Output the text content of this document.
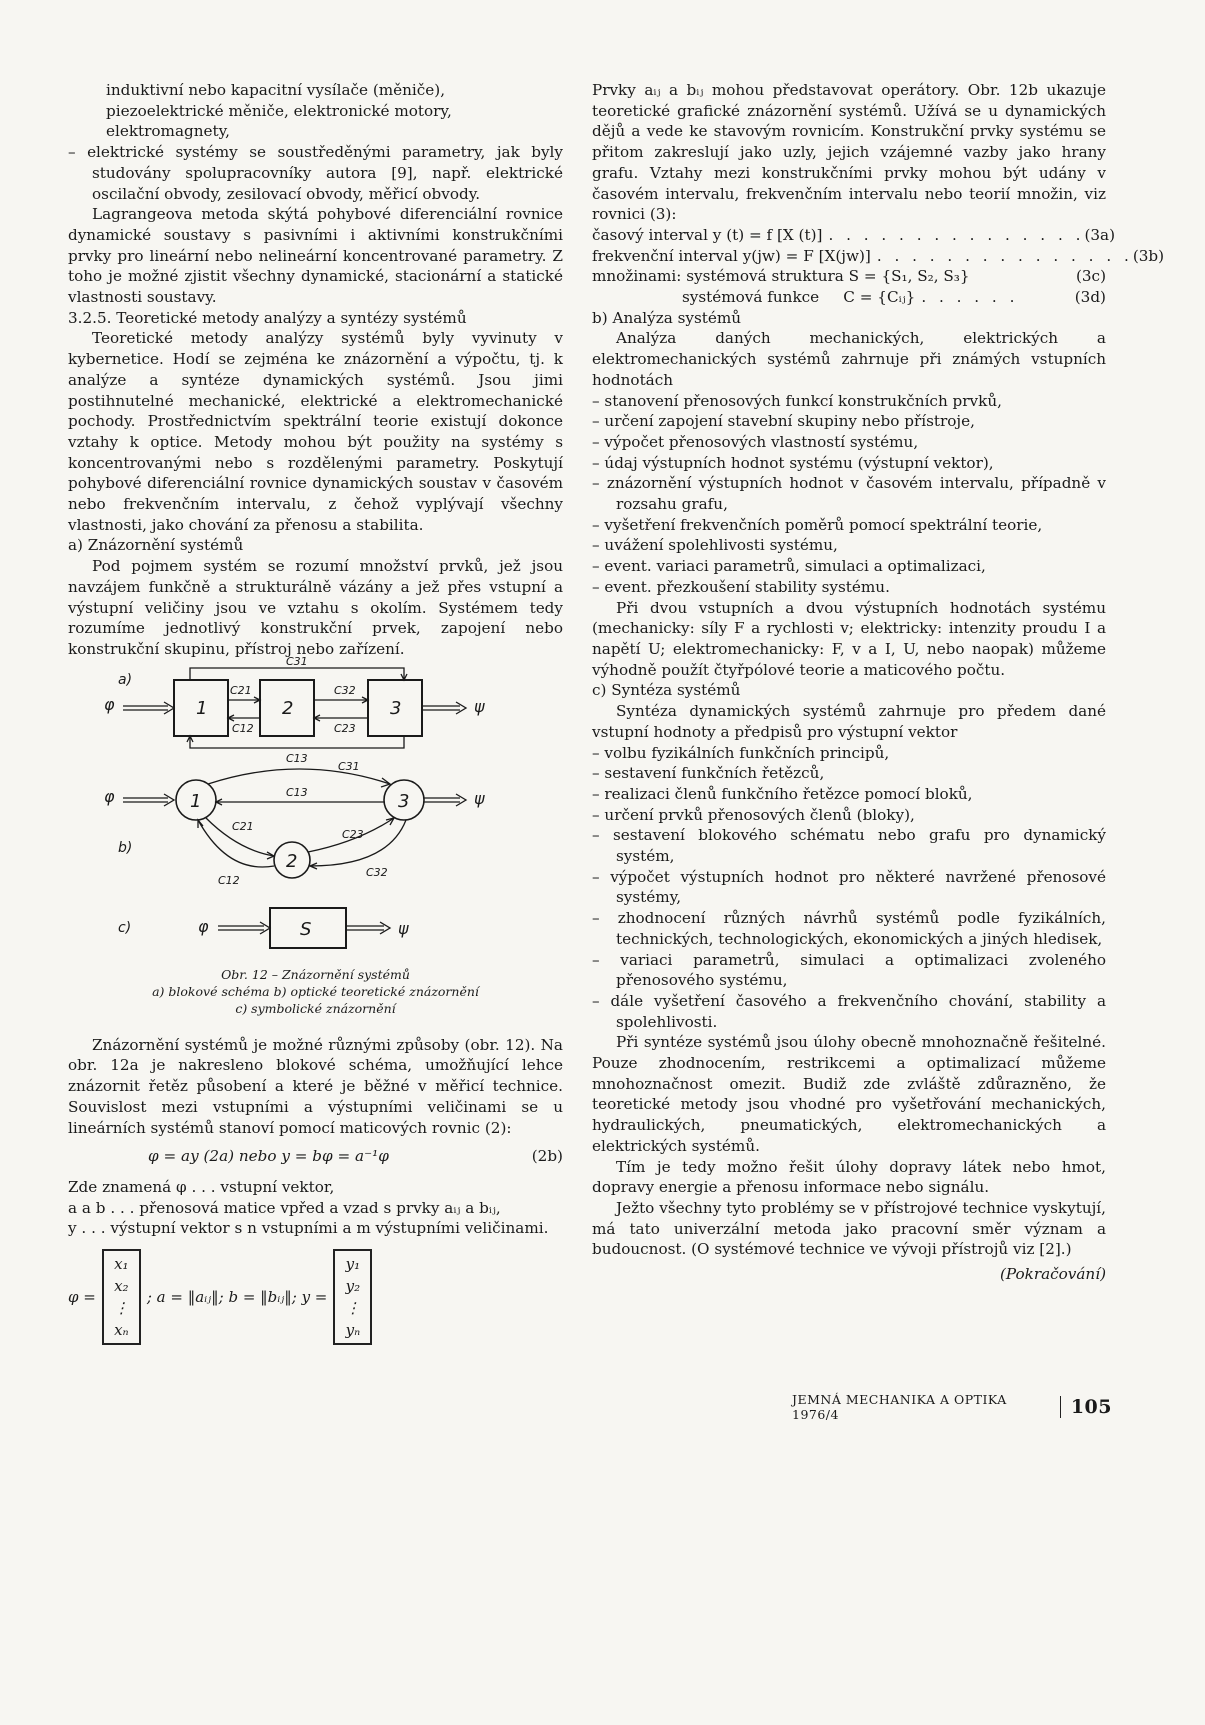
induktivní nebo kapacitní vysílače (měniče), piezoelektrické měniče, elektronické motory, elektromagnety,

– elektrické systémy se soustředěnými parametry, jak byly studovány spolupracovníky autora [9], např. elektrické oscilační obvody, zesilovací obvody, měřicí obvody.

Lagrangeova metoda skýtá pohybové diferenciální rovnice dynamické soustavy s pasivními i aktivními konstrukčními prvky pro lineární nebo nelineární koncentrované parametry. Z toho je možné zjistit všechny dynamické, stacionární a statické vlastnosti soustavy.

3.2.5. Teoretické metody analýzy a syntézy systémů

Teoretické metody analýzy systémů byly vyvinuty v kybernetice. Hodí se zejména ke znázornění a výpočtu, tj. k analýze a syntéze dynamických systémů. Jsou jimi postihnutelné mechanické, elektrické a elektromechanické pochody. Prostřednictvím spektrální teorie existují dokonce vztahy k optice. Metody mohou být použity na systémy s koncentrovanými nebo s rozdělenými parametry. Poskytují pohybové diferenciální rovnice dynamických soustav v časovém nebo frekvenčním intervalu, z čehož vyplývají všechny vlastnosti, jako chování za přenosu a stabilita.

a) Znázornění systémů

Pod pojmem systém se rozumí množství prvků, jež jsou navzájem funkčně a strukturálně vázány a jež přes vstupní a výstupní veličiny jsou ve vztahu s okolím. Systémem tedy rozumíme jednotlivý konstrukční prvek, zapojení nebo konstrukční skupinu, přístroj nebo zařízení.

a)
φ	1	2	3
C21
C12
C32
C23
C31
C13
ψ
φ	1
2
3
C31
C13
C21
C12
C23
C32
b)
ψ
c)	φ	S	ψ

Obr. 12 – Znázornění systémů

a) blokové schéma b) optické teoretické znázornění

c) symbolické znázornění

Znázornění systémů je možné různými způsoby (obr. 12). Na obr. 12a je nakresleno blokové schéma, umožňující lehce znázornit řetěz působení a které je běžné v měřicí technice. Souvislost mezi vstupními a výstupními veličinami se u lineárních systémů stanoví pomocí maticových rovnic (2):

φ = ay (2a) nebo y = bφ = a⁻¹φ	(2b)

Zde znamená φ . . . vstupní vektor,

a a b . . . přenosová matice vpřed a vzad s prvky aᵢⱼ a bᵢⱼ,

y . . . výstupní vektor s n vstupními a m výstupními veličinami.

φ =
x₁
x₂
⋮
xₙ
; a = ‖aᵢⱼ‖; b = ‖bᵢⱼ‖; y =
y₁
y₂
⋮
yₙ

Prvky aᵢⱼ a bᵢⱼ mohou představovat operátory. Obr. 12b ukazuje teoretické grafické znázornění systémů. Užívá se u dynamických dějů a vede ke stavovým rovnicím. Konstrukční prvky systému se přitom zakreslují jako uzly, jejich vzájemné vazby jako hrany grafu. Vztahy mezi konstrukčními prvky mohou být udány v časovém intervalu, frekvenčním intervalu nebo teorií množin, viz rovnici (3):

časový interval y (t) = f [X (t)] . . . . . . . . . . . . . . . (3a)
frekvenční interval y(jw) = F [X(jw)] . . . . . . . . . . . . . . . (3b)
množinami: systémová struktura S = {S₁, S₂, S₃}	(3c)
systémová funkce     C = {Cᵢⱼ} . . . . . .	(3d)

b) Analýza systémů

Analýza daných mechanických, elektrických a elektromechanických systémů zahrnuje při známých vstupních hodnotách

– stanovení přenosových funkcí konstrukčních prvků,

– určení zapojení stavební skupiny nebo přístroje,

– výpočet přenosových vlastností systému,

– údaj výstupních hodnot systému (výstupní vektor),

– znázornění výstupních hodnot v časovém intervalu, případně v rozsahu grafu,

– vyšetření frekvenčních poměrů pomocí spektrální teorie,

– uvážení spolehlivosti systému,

– event. variaci parametrů, simulaci a optimalizaci,

– event. přezkoušení stability systému.

Při dvou vstupních a dvou výstupních hodnotách systému (mechanicky: síly F a rychlosti v; elektricky: intenzity proudu I a napětí U; elektromechanicky: F, v a I, U, nebo naopak) můžeme výhodně použít čtyřpólové teorie a maticového počtu.

c) Syntéza systémů

Syntéza dynamických systémů zahrnuje pro předem dané vstupní hodnoty a předpisů pro výstupní vektor

– volbu fyzikálních funkčních principů,

– sestavení funkčních řetězců,

– realizaci členů funkčního řetězce pomocí bloků,

– určení prvků přenosových členů (bloky),

– sestavení blokového schématu nebo grafu pro dynamický systém,

– výpočet výstupních hodnot pro některé navržené přenosové systémy,

– zhodnocení různých návrhů systémů podle fyzikálních, technických, technologických, ekonomických a jiných hledisek,

– variaci parametrů, simulaci a optimalizaci zvoleného přenosového systému,

– dále vyšetření časového a frekvenčního chování, stability a spolehlivosti.

Při syntéze systémů jsou úlohy obecně mnohoznačně řešitelné. Pouze zhodnocením, restrikcemi a optimalizací můžeme mnohoznačnost omezit. Budiž zde zvláště zdůrazněno, že teoretické metody jsou vhodné pro vyšetřování mechanických, hydraulických, pneumatických, elektromechanických a elektrických systémů.

Tím je tedy možno řešit úlohy dopravy látek nebo hmot, dopravy energie a přenosu informace nebo signálu.

Ježto všechny tyto problémy se v přístrojové technice vyskytují, má tato univerzální metoda jako pracovní směr význam a budoucnost. (O systémové technice ve vývoji přístrojů viz [2].)

(Pokračování)

JEMNÁ MECHANIKA A OPTIKA 1976/4	105
